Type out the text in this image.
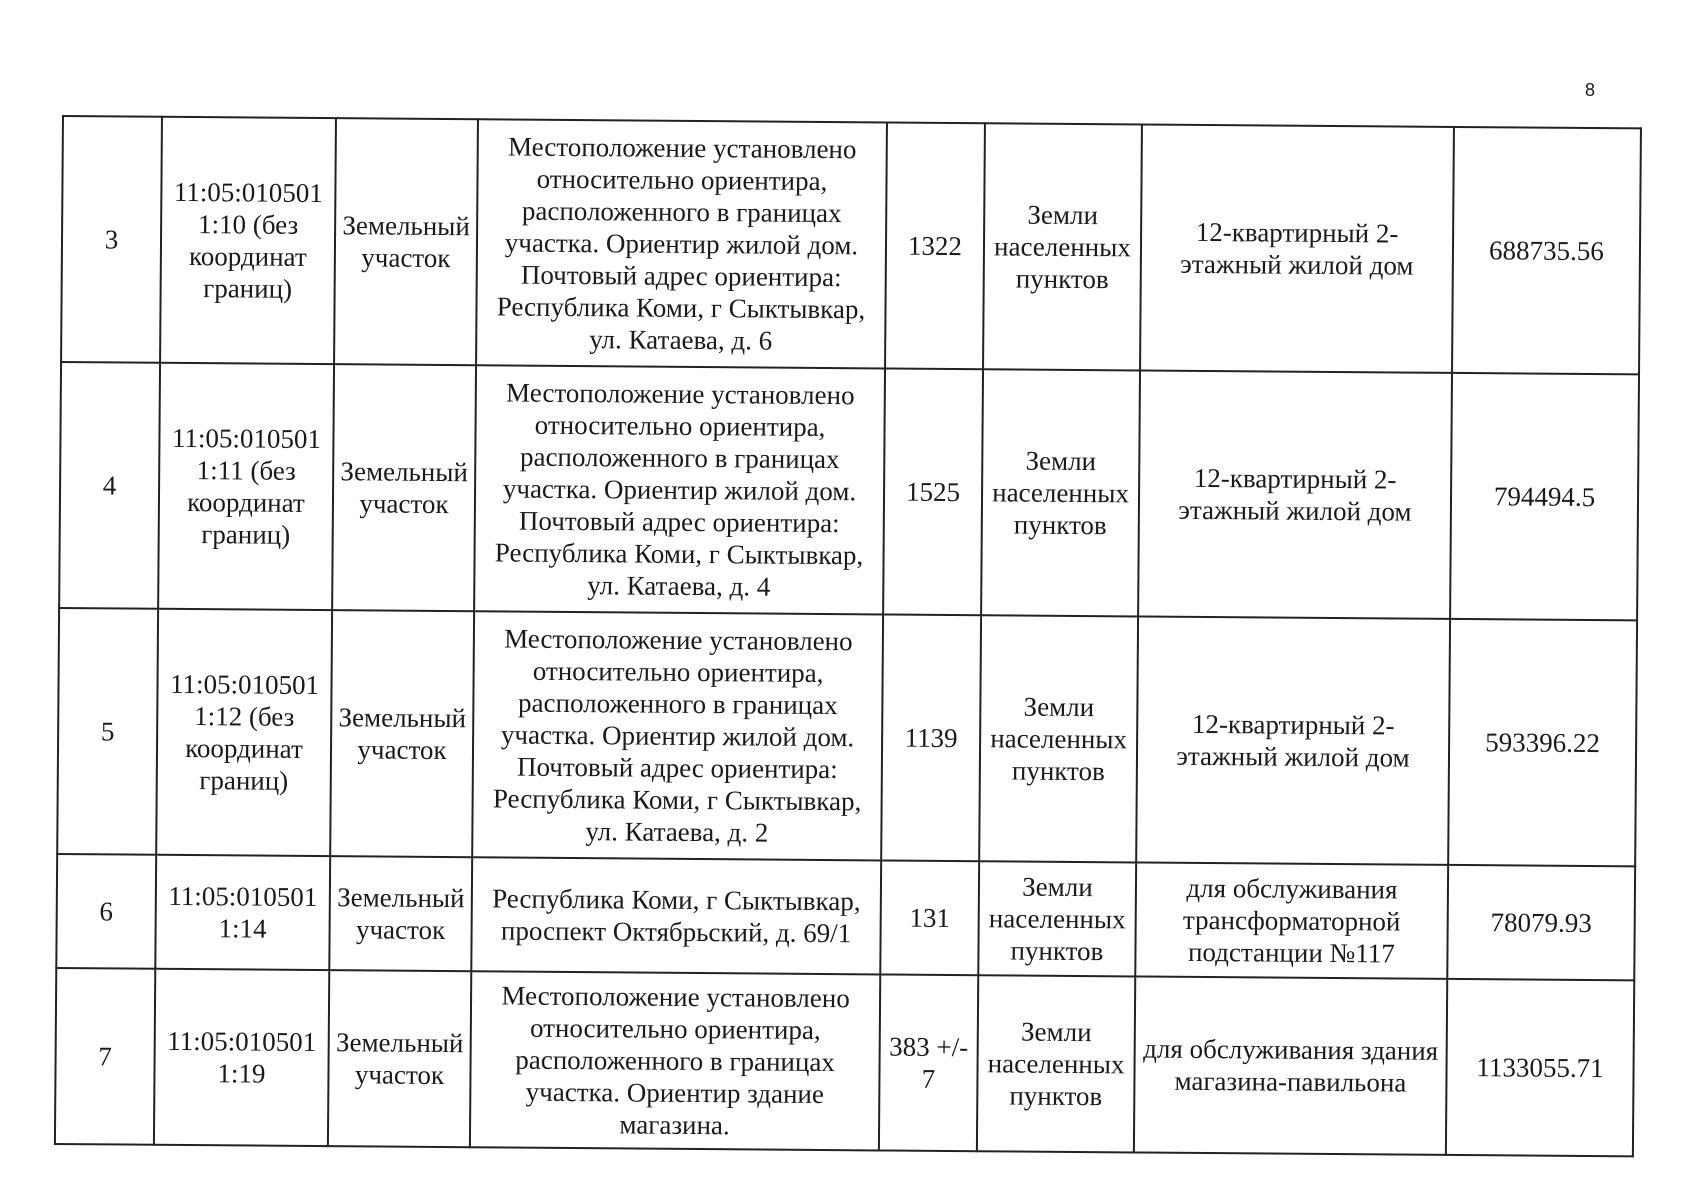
8
3	11:05:010501 1:10 (без координат границ)	Земельный участок	Местоположение установлено относительно ориентира, расположенного в границах участка. Ориентир жилой дом. Почтовый адрес ориентира: Республика Коми, г Сыктывкар, ул. Катаева, д. 6	1322	Земли населенных пунктов	12-квартирный 2-этажный жилой дом	688735.56

4	11:05:010501 1:11 (без координат границ)	Земельный участок	Местоположение установлено относительно ориентира, расположенного в границах участка. Ориентир жилой дом. Почтовый адрес ориентира: Республика Коми, г Сыктывкар, ул. Катаева, д. 4	1525	Земли населенных пунктов	12-квартирный 2-этажный жилой дом	794494.5

5	11:05:010501 1:12 (без координат границ)	Земельный участок	Местоположение установлено относительно ориентира, расположенного в границах участка. Ориентир жилой дом. Почтовый адрес ориентира: Республика Коми, г Сыктывкар, ул. Катаева, д. 2	1139	Земли населенных пунктов	12-квартирный 2-этажный жилой дом	593396.22

6	11:05:010501 1:14	Земельный участок	Республика Коми, г Сыктывкар, проспект Октябрьский, д. 69/1	131	Земли населенных пунктов	для обслуживания трансформаторной подстанции №117	78079.93

7	11:05:010501 1:19	Земельный участок	Местоположение установлено относительно ориентира, расположенного в границах участка. Ориентир здание магазина.	383 +/- 7	Земли населенных пунктов	для обслуживания здания магазина-павильона	1133055.71
